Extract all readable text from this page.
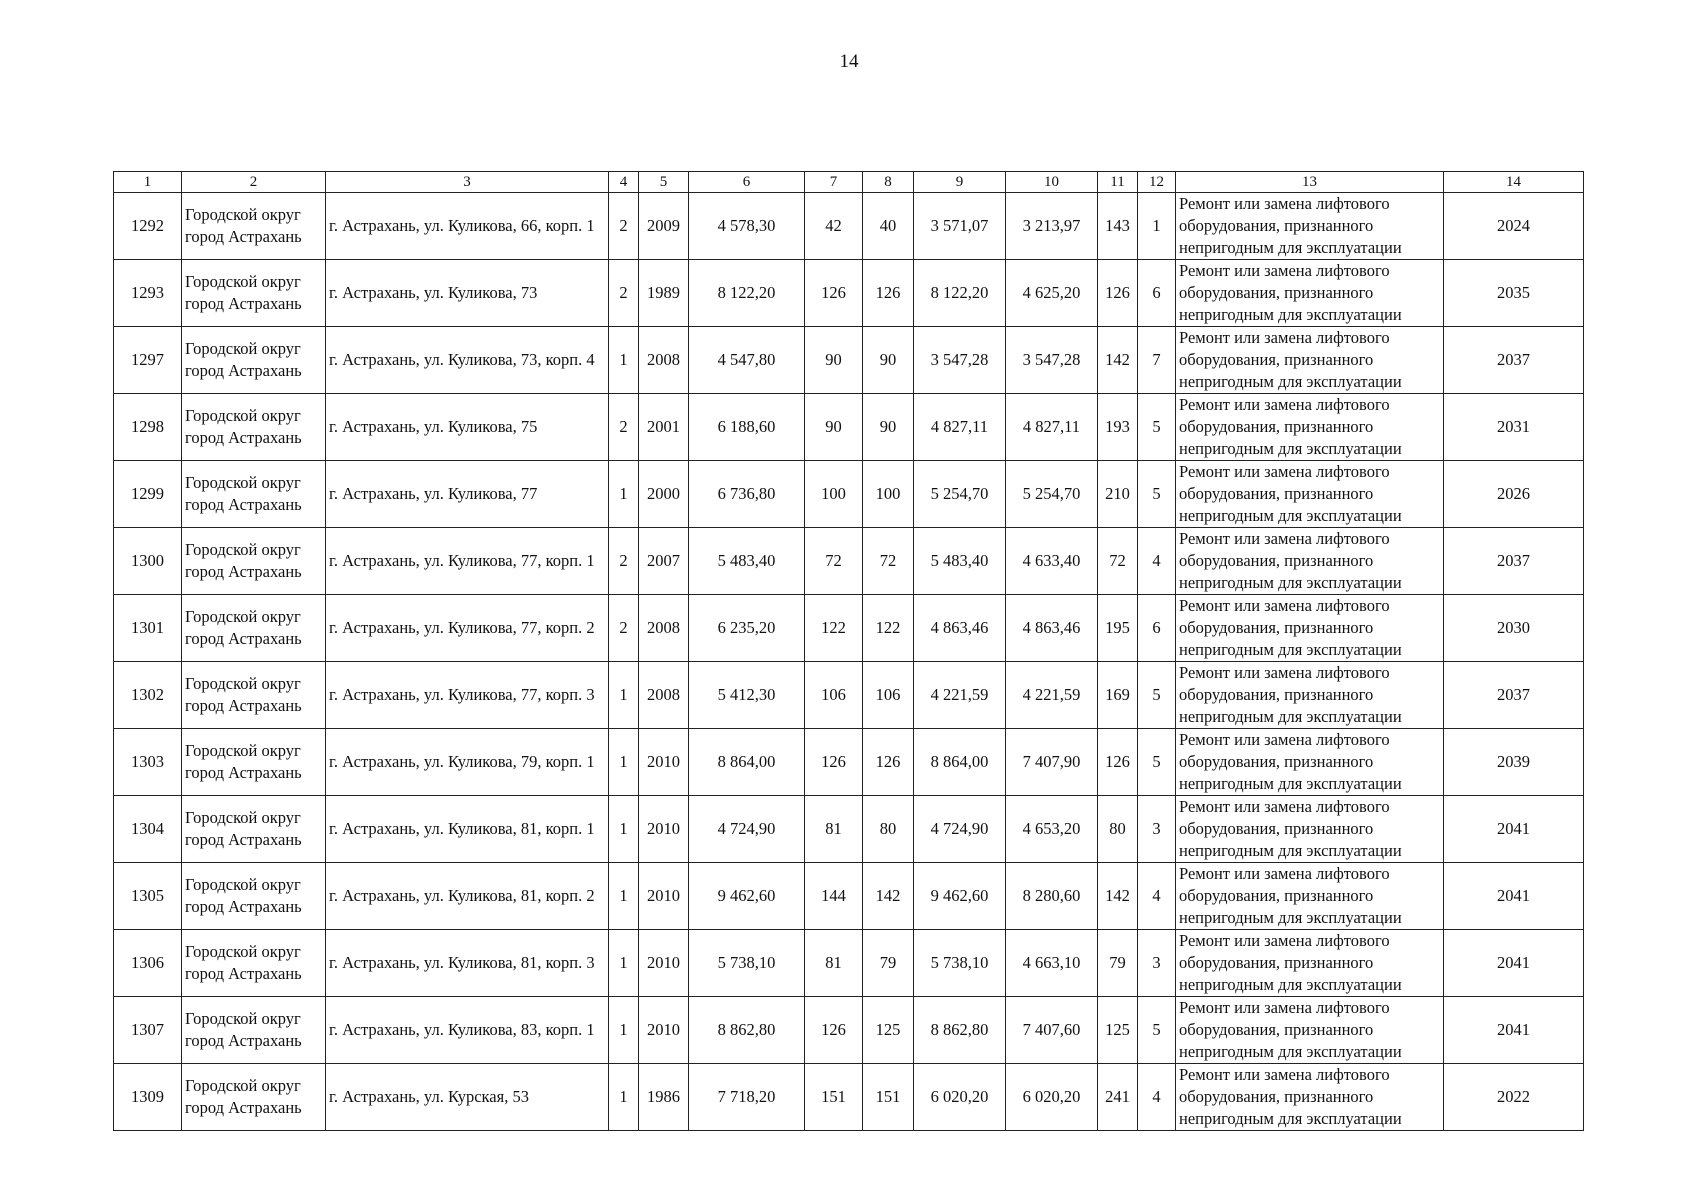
14
1	2	3	4	5	6	7	8	9	10	11	12	13	14
1292	Городской округ город Астрахань	г. Астрахань, ул. Куликова, 66, корп. 1	2	2009	4 578,30	42	40	3 571,07	3 213,97	143	1	Ремонт или замена лифтового оборудования, признанного непригодным для эксплуатации	2024
1293	Городской округ город Астрахань	г. Астрахань, ул. Куликова, 73	2	1989	8 122,20	126	126	8 122,20	4 625,20	126	6	Ремонт или замена лифтового оборудования, признанного непригодным для эксплуатации	2035
1297	Городской округ город Астрахань	г. Астрахань, ул. Куликова, 73, корп. 4	1	2008	4 547,80	90	90	3 547,28	3 547,28	142	7	Ремонт или замена лифтового оборудования, признанного непригодным для эксплуатации	2037
1298	Городской округ город Астрахань	г. Астрахань, ул. Куликова, 75	2	2001	6 188,60	90	90	4 827,11	4 827,11	193	5	Ремонт или замена лифтового оборудования, признанного непригодным для эксплуатации	2031
1299	Городской округ город Астрахань	г. Астрахань, ул. Куликова, 77	1	2000	6 736,80	100	100	5 254,70	5 254,70	210	5	Ремонт или замена лифтового оборудования, признанного непригодным для эксплуатации	2026
1300	Городской округ город Астрахань	г. Астрахань, ул. Куликова, 77, корп. 1	2	2007	5 483,40	72	72	5 483,40	4 633,40	72	4	Ремонт или замена лифтового оборудования, признанного непригодным для эксплуатации	2037
1301	Городской округ город Астрахань	г. Астрахань, ул. Куликова, 77, корп. 2	2	2008	6 235,20	122	122	4 863,46	4 863,46	195	6	Ремонт или замена лифтового оборудования, признанного непригодным для эксплуатации	2030
1302	Городской округ город Астрахань	г. Астрахань, ул. Куликова, 77, корп. 3	1	2008	5 412,30	106	106	4 221,59	4 221,59	169	5	Ремонт или замена лифтового оборудования, признанного непригодным для эксплуатации	2037
1303	Городской округ город Астрахань	г. Астрахань, ул. Куликова, 79, корп. 1	1	2010	8 864,00	126	126	8 864,00	7 407,90	126	5	Ремонт или замена лифтового оборудования, признанного непригодным для эксплуатации	2039
1304	Городской округ город Астрахань	г. Астрахань, ул. Куликова, 81, корп. 1	1	2010	4 724,90	81	80	4 724,90	4 653,20	80	3	Ремонт или замена лифтового оборудования, признанного непригодным для эксплуатации	2041
1305	Городской округ город Астрахань	г. Астрахань, ул. Куликова, 81, корп. 2	1	2010	9 462,60	144	142	9 462,60	8 280,60	142	4	Ремонт или замена лифтового оборудования, признанного непригодным для эксплуатации	2041
1306	Городской округ город Астрахань	г. Астрахань, ул. Куликова, 81, корп. 3	1	2010	5 738,10	81	79	5 738,10	4 663,10	79	3	Ремонт или замена лифтового оборудования, признанного непригодным для эксплуатации	2041
1307	Городской округ город Астрахань	г. Астрахань, ул. Куликова, 83, корп. 1	1	2010	8 862,80	126	125	8 862,80	7 407,60	125	5	Ремонт или замена лифтового оборудования, признанного непригодным для эксплуатации	2041
1309	Городской округ город Астрахань	г. Астрахань, ул. Курская, 53	1	1986	7 718,20	151	151	6 020,20	6 020,20	241	4	Ремонт или замена лифтового оборудования, признанного непригодным для эксплуатации	2022
